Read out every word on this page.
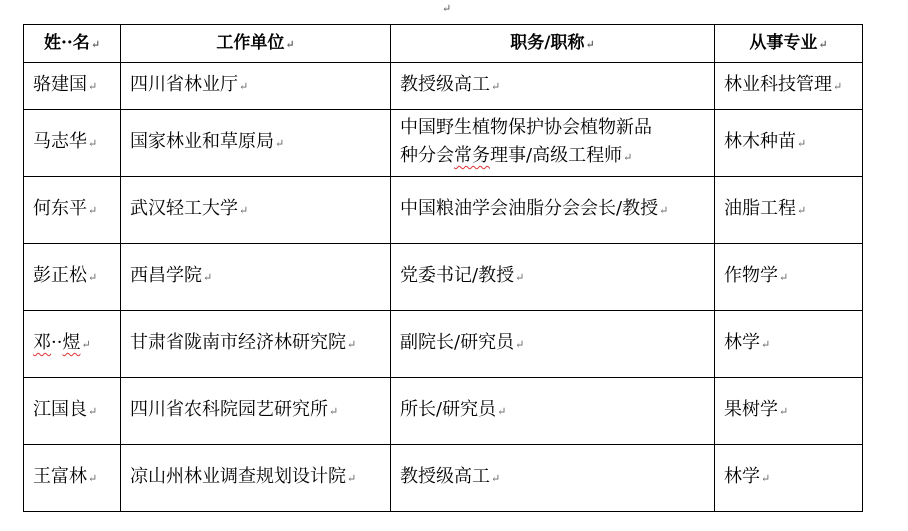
↵
姓··名↵	工作单位↵	职务/职称↵	从事专业↵
骆建国↵	四川省林业厅↵	教授级高工↵	林业科技管理↵
马志华↵	国家林业和草原局↵	中国野生植物保护协会植物新品
种分会常务理事/高级工程师↵	林木种苗↵
何东平↵	武汉轻工大学↵	中国粮油学会油脂分会会长/教授↵	油脂工程↵
彭正松↵	西昌学院↵	党委书记/教授↵	作物学↵
邓··煜↵	甘肃省陇南市经济林研究院↵	副院长/研究员↵	林学↵
江国良↵	四川省农科院园艺研究所↵	所长/研究员↵	果树学↵
王富林↵	凉山州林业调查规划设计院↵	教授级高工↵	林学↵
